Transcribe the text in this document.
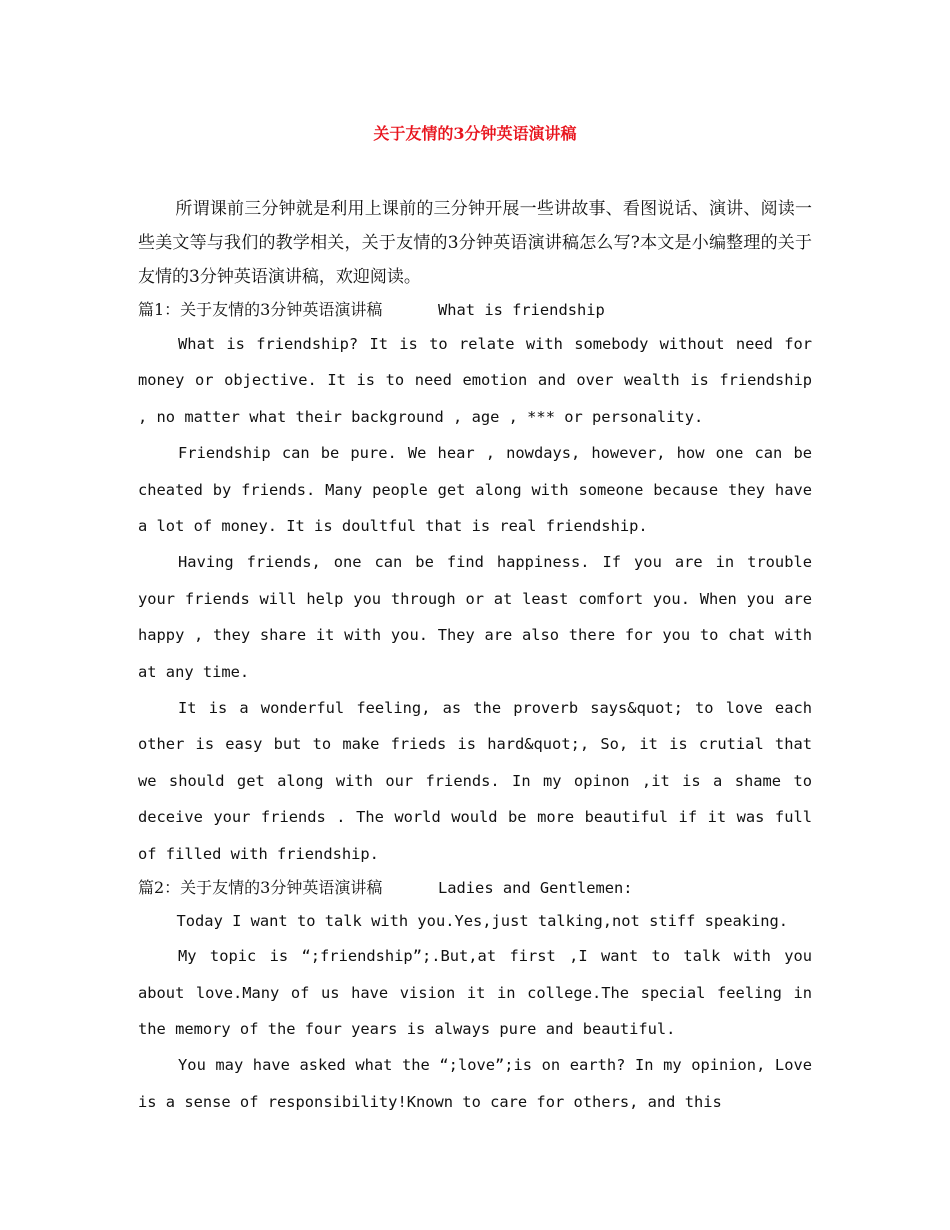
关于友情的3分钟英语演讲稿

所谓课前三分钟就是利用上课前的三分钟开展一些讲故事、看图说话、演讲、阅读一些美文等与我们的教学相关，关于友情的3分钟英语演讲稿怎么写?本文是小编整理的关于友情的3分钟英语演讲稿，欢迎阅读。

篇1：关于友情的3分钟英语演讲稿	What is friendship

What is friendship? It is to relate with somebody without need for money or objective. It is to need emotion and over wealth is friendship , no matter what their background , age , *** or personality.

Friendship can be pure. We hear , nowdays, however, how one can be cheated by friends. Many people get along with someone because they have a lot of money. It is doultful that is real friendship.

Having friends, one can be find happiness. If you are in trouble your friends will help you through or at least comfort you. When you are happy , they share it with you. They are also there for you to chat with at any time.

It is a wonderful feeling, as the proverb says&quot; to love each other is easy but to make frieds is hard&quot;, So, it is crutial that we should get along with our friends. In my opinon ,it is a shame to deceive your friends . The world would be more beautiful if it was full of filled with friendship.

篇2：关于友情的3分钟英语演讲稿	Ladies and Gentlemen:

Today I want to talk with you.Yes,just talking,not stiff speaking.

My topic is “;friendship”;.But,at first ,I want to talk with you about love.Many of us have vision it in college.The special feeling in the memory of the four years is always pure and beautiful.

You may have asked what the “;love”;is on earth? In my opinion, Love is a sense of responsibility!Known to care for others, and this
